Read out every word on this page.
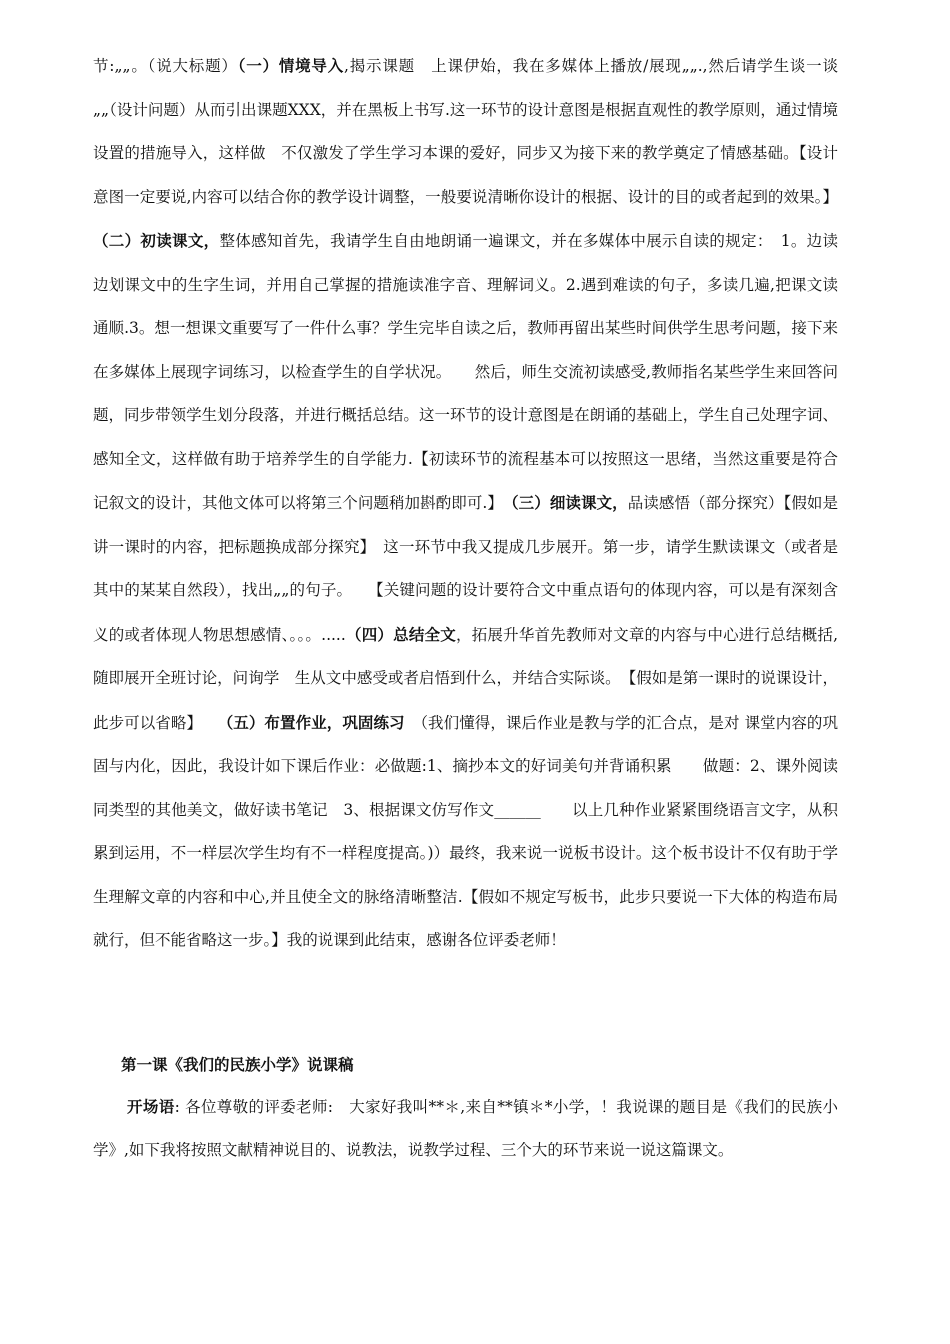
节:„„。（说大标题）（一）情境导入,揭示课题　上课伊始，我在多媒体上播放/展现„„.,然后请学生谈一谈„„（设计问题）从而引出课题XXX，并在黑板上书写.这一环节的设计意图是根据直观性的教学原则，通过情境设置的措施导入，这样做　不仅激发了学生学习本课的爱好，同步又为接下来的教学奠定了情感基础。【设计意图一定要说,内容可以结合你的教学设计调整，一般要说清晰你设计的根据、设计的目的或者起到的效果。】（二）初读课文，整体感知首先，我请学生自由地朗诵一遍课文，并在多媒体中展示自读的规定：　1。边读边划课文中的生字生词，并用自己掌握的措施读准字音、理解词义。2.遇到难读的句子，多读几遍,把课文读通顺.3。想一想课文重要写了一件什么事？学生完毕自读之后，教师再留出某些时间供学生思考问题，接下来在多媒体上展现字词练习，以检查学生的自学状况。　　然后，师生交流初读感受,教师指名某些学生来回答问题，同步带领学生划分段落，并进行概括总结。这一环节的设计意图是在朗诵的基础上，学生自己处理字词、感知全文，这样做有助于培养学生的自学能力.【初读环节的流程基本可以按照这一思绪，当然这重要是符合记叙文的设计，其他文体可以将第三个问题稍加斟酌即可.】　（三）细读课文，品读感悟（部分探究）【假如是讲一课时的内容，把标题换成部分探究】　这一环节中我又提成几步展开。第一步，请学生默读课文（或者是其中的某某自然段），找出„„的句子。　　【关键问题的设计要符合文中重点语句的体现内容，可以是有深刻含义的或者体现人物思想感情、。。。.....（四）总结全文，拓展升华首先教师对文章的内容与中心进行总结概括,随即展开全班讨论，问询学　生从文中感受或者启悟到什么，并结合实际谈。　【假如是第一课时的说课设计，此步可以省略】　　（五）布置作业，巩固练习　（我们懂得，课后作业是教与学的汇合点，是对 课堂内容的巩固与内化，因此，我设计如下课后作业：必做题:1、摘抄本文的好词美句并背诵积累　　做题：2、课外阅读同类型的其他美文，做好读书笔记　3、根据课文仿写作文______　　以上几种作业紧紧围绕语言文字，从积 累到运用，不一样层次学生均有不一样程度提高。)）最终，我来说一说板书设计。这个板书设计不仅有助于学生理解文章的内容和中心,并且使全文的脉络清晰整洁.【假如不规定写板书，此步只要说一下大体的构造布局就行，但不能省略这一步。】我的说课到此结束，感谢各位评委老师！

第一课《我们的民族小学》说课稿

开场语: 各位尊敬的评委老师:　大家好我叫**＊,来自**镇＊*小学，！我说课的题目是《我们的民族小学》,如下我将按照文献精神说目的、说教法，说教学过程、三个大的环节来说一说这篇课文。
